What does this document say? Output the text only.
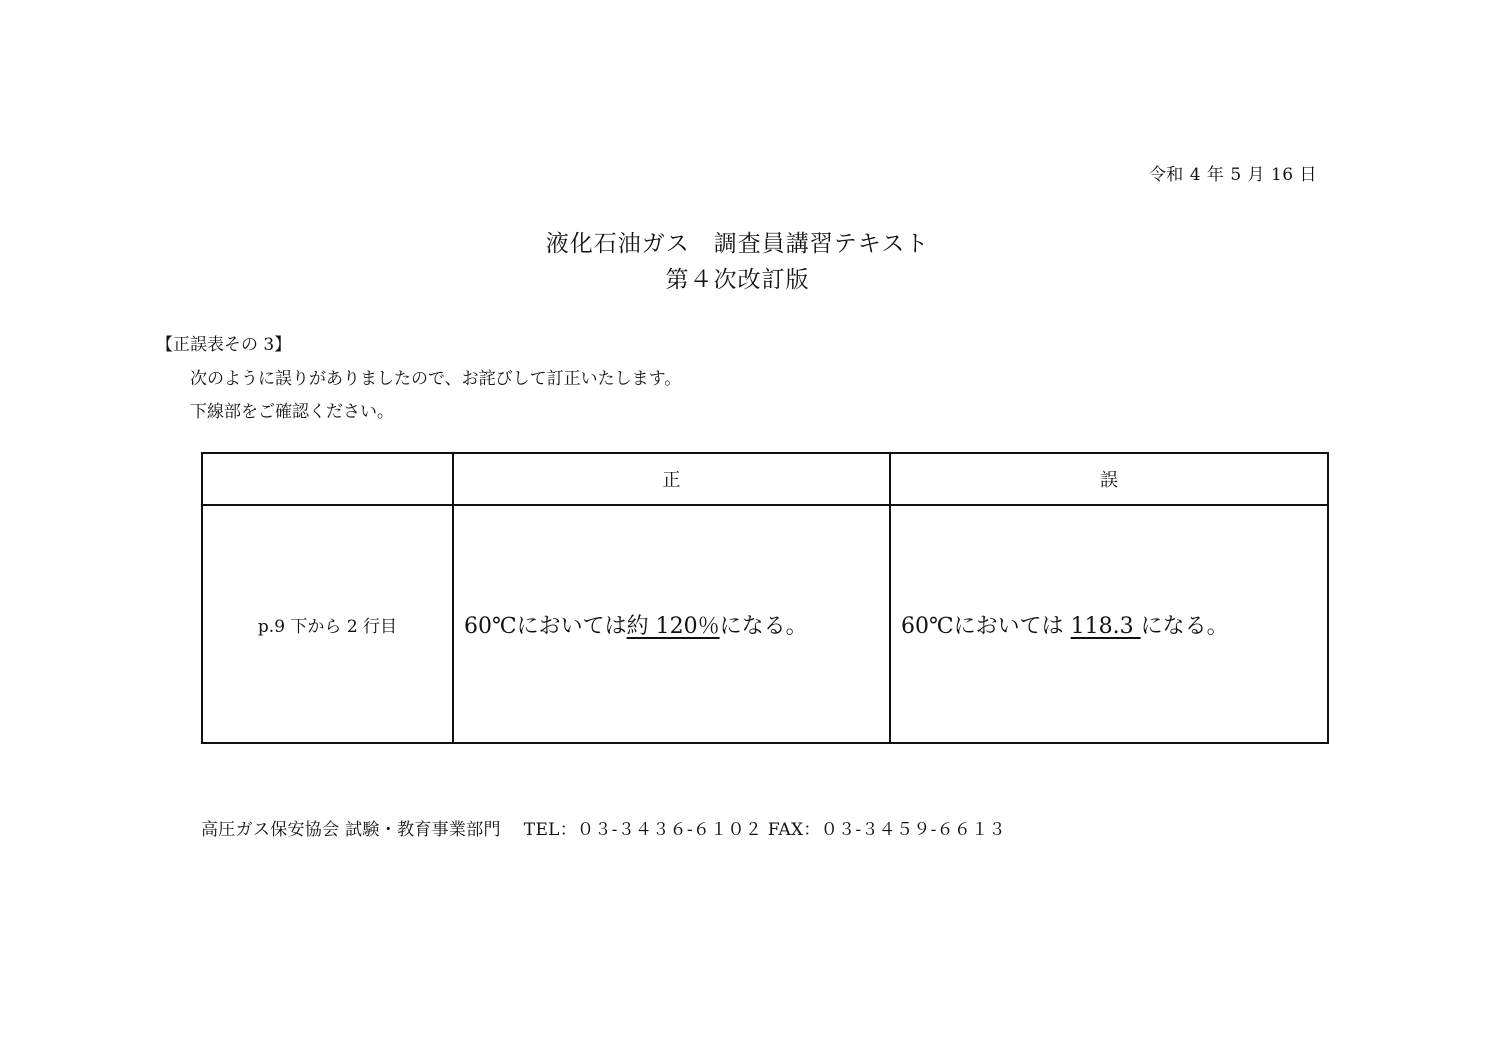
令和 4 年 5 月 16 日
液化石油ガス　調査員講習テキスト
第４次改訂版
【正誤表その 3】
次のように誤りがありましたので、お詫びして訂正いたします。
下線部をご確認ください。
	正	誤
p.9 下から 2 行目	60℃においては約 120％になる。	60℃においては 118.3 になる。
高圧ガス保安協会 試験・教育事業部門　 TEL：０３-３４３６-６１０２ FAX：０３-３４５９-６６１３
